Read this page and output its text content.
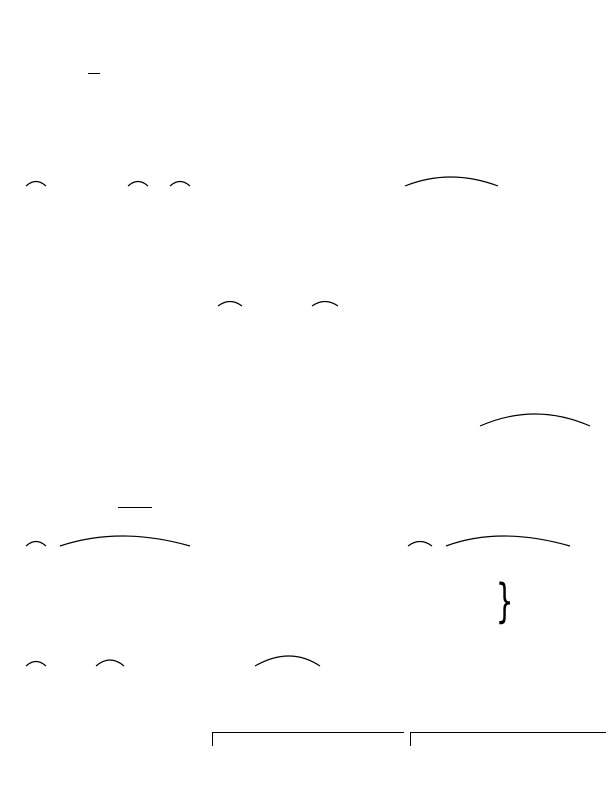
}
